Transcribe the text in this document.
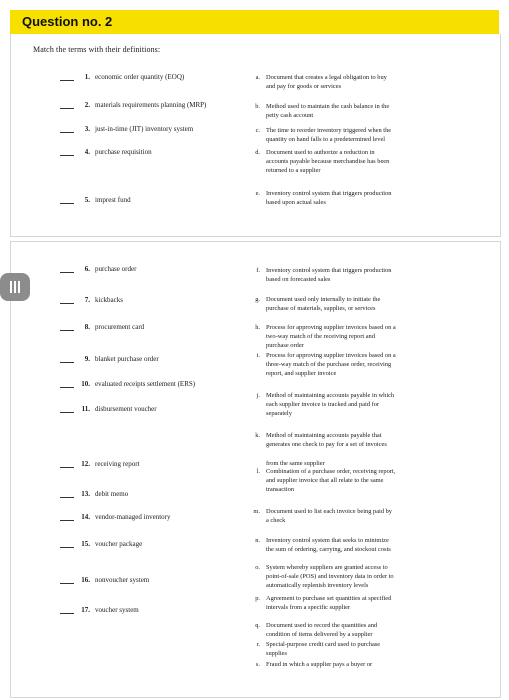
Question no. 2
Match the terms with their definitions:
1. economic order quantity (EOQ)
2. materials requirements planning (MRP)
3. just-in-time (JIT) inventory system
4. purchase requisition
5. imprest fund
6. purchase order
7. kickbacks
8. procurement card
9. blanket purchase order
10. evaluated receipts settlement (ERS)
11. disbursement voucher
12. receiving report
13. debit memo
14. vendor-managed inventory
15. voucher package
16. nonvoucher system
17. voucher system
a. Document that creates a legal obligation to buy
and pay for goods or services
b. Method used to maintain the cash balance in the
petty cash account
c. The time to reorder inventory triggered when the
quantity on hand falls to a predetermined level
d. Document used to authorize a reduction in
accounts payable because merchandise has been
returned to a supplier
e. Inventory control system that triggers production
based upon actual sales
f. Inventory control system that triggers production
based on forecasted sales
g. Document used only internally to initiate the
purchase of materials, supplies, or services
h. Process for approving supplier invoices based on a
two-way match of the receiving report and
purchase order
i. Process for approving supplier invoices based on a
three-way match of the purchase order, receiving
report, and supplier invoice
j. Method of maintaining accounts payable in which
each supplier invoice is tracked and paid for
separately
k. Method of maintaining accounts payable that
generates one check to pay for a set of invoices
from the same supplier
l. Combination of a purchase order, receiving report,
and supplier invoice that all relate to the same
transaction
m. Document used to list each invoice being paid by
a check
n. Inventory control system that seeks to minimize
the sum of ordering, carrying, and stockout costs
o. System whereby suppliers are granted access to
point-of-sale (POS) and inventory data in order to
automatically replenish inventory levels
p. Agreement to purchase set quantities at specified
intervals from a specific supplier
q. Document used to record the quantities and
condition of items delivered by a supplier
r. Special-purpose credit card used to purchase
supplies
s. Fraud in which a supplier pays a buyer or
